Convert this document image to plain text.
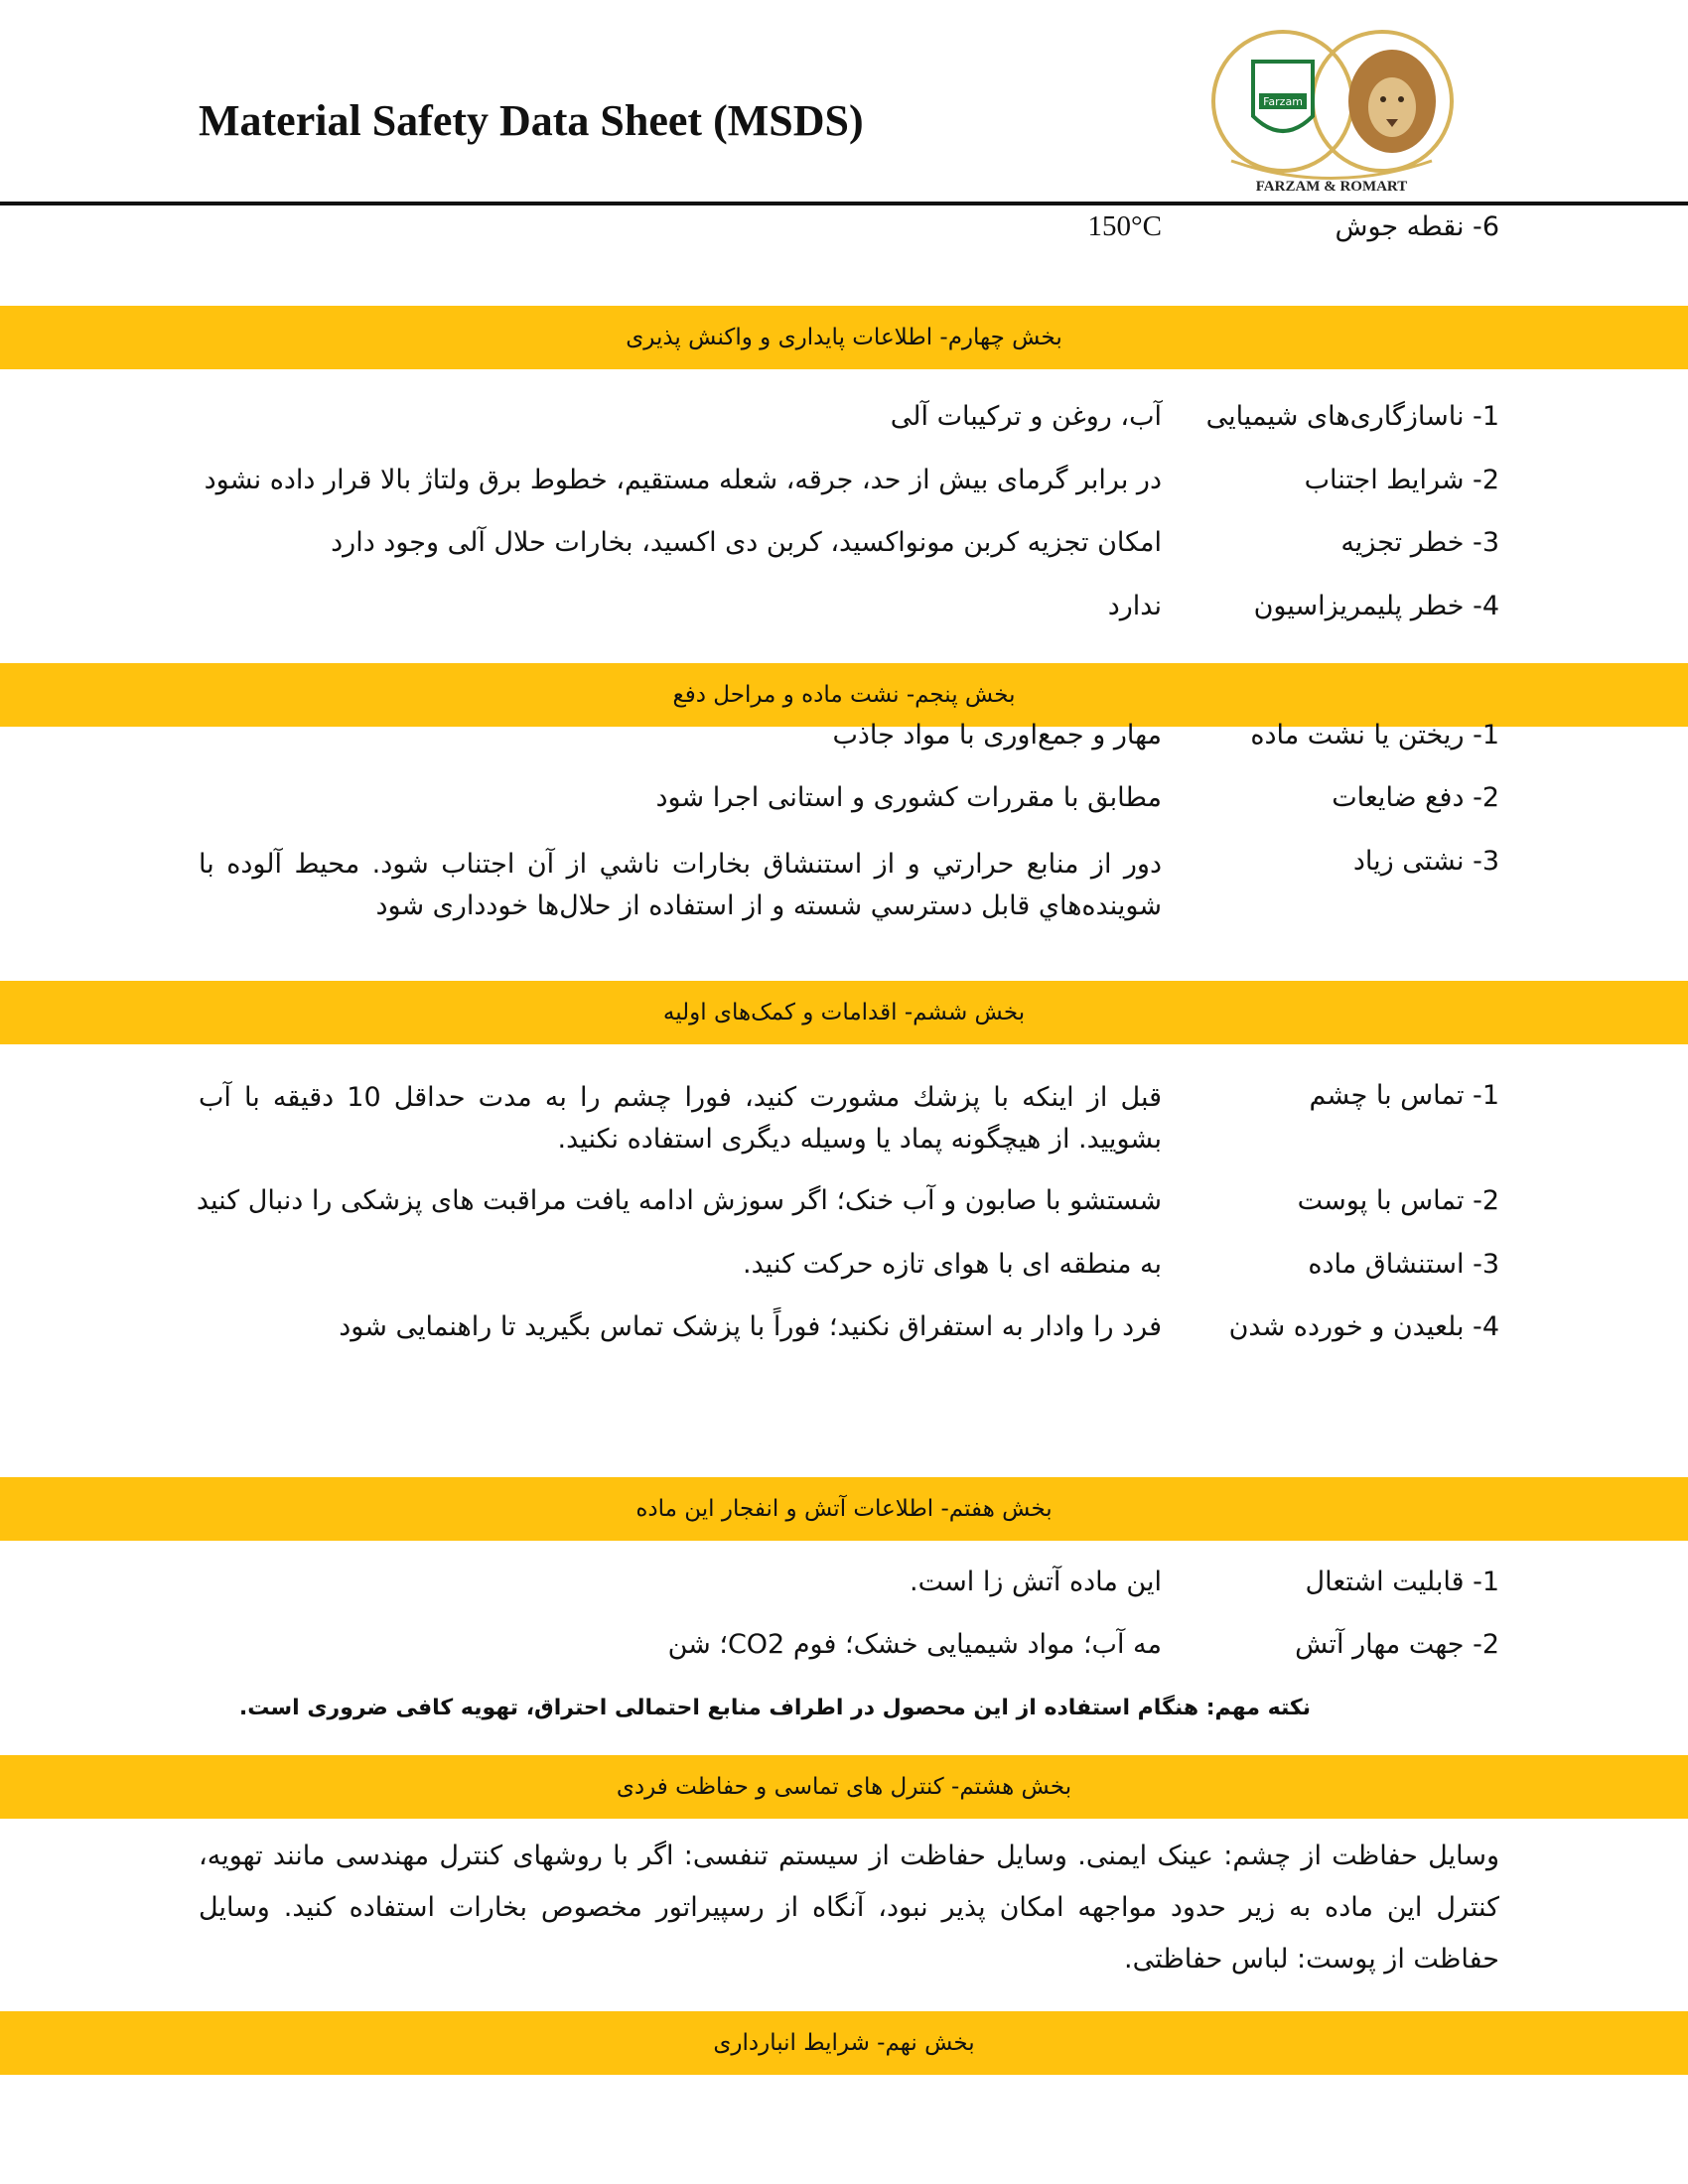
Material Safety Data Sheet (MSDS)	Farzam
FARZAM & ROMART
6- نقطه جوش
150°C
بخش چهارم- اطلاعات پایداری و واکنش پذیری
1- ناسازگاری‌های شیمیایی
آب، روغن و ترکیبات آلی
2- شرایط اجتناب
در برابر گرمای بیش از حد، جرقه، شعله مستقیم، خطوط برق ولتاژ بالا قرار داده نشود
3- خطر تجزیه
امکان تجزیه کربن مونواکسید، کربن دی اکسید، بخارات حلال آلی وجود دارد
4- خطر پلیمریزاسیون
ندارد
بخش پنجم- نشت ماده و مراحل دفع
1- ریختن یا نشت ماده
مهار و جمع‌اوری با مواد جاذب
2- دفع ضایعات
مطابق با مقررات کشوری و استانی اجرا شود
3- نشتی زیاد
دور از منابع حرارتي و از استنشاق بخارات ناشي از آن اجتناب شود. محیط آلوده با شوینده‌هاي قابل دسترسي شسته و از استفاده از حلال‌ها خودداری شود
بخش ششم- اقدامات و کمک‌های اولیه
1- تماس با چشم
قبل از اینکه با پزشك مشورت کنید، فورا چشم را به مدت حداقل 10 دقیقه با آب بشویید. از هیچگونه پماد یا وسیله دیگری استفاده نکنید.
2- تماس با پوست
شستشو با صابون و آب خنک؛ اگر سوزش ادامه یافت مراقبت های پزشکی را دنبال کنید
3- استنشاق ماده
به منطقه ای با هوای تازه حرکت کنید.
4- بلعیدن و خورده شدن
فرد را وادار به استفراق نکنید؛ فوراً با پزشک تماس بگیرید تا راهنمایی شود
بخش هفتم- اطلاعات آتش و انفجار این ماده
1- قابلیت اشتعال
این ماده آتش زا است.
2- جهت مهار آتش
مه آب؛ مواد شیمیایی خشک؛ فوم CO2؛ شن
نکته مهم: هنگام استفاده از این محصول در اطراف منابع احتمالی احتراق، تهویه کافی ضروری است.
بخش هشتم- کنترل های تماسی و حفاظت فردی
وسایل حفاظت از چشم: عینک ایمنی. وسایل حفاظت از سیستم تنفسی: اگر با روشهای کنترل مهندسی مانند تهویه، کنترل این ماده به زیر حدود مواجهه امکان پذیر نبود، آنگاه از رسپیراتور مخصوص بخارات استفاده کنید. وسایل حفاظت از پوست: لباس حفاظتی.
بخش نهم- شرایط انبارداری
